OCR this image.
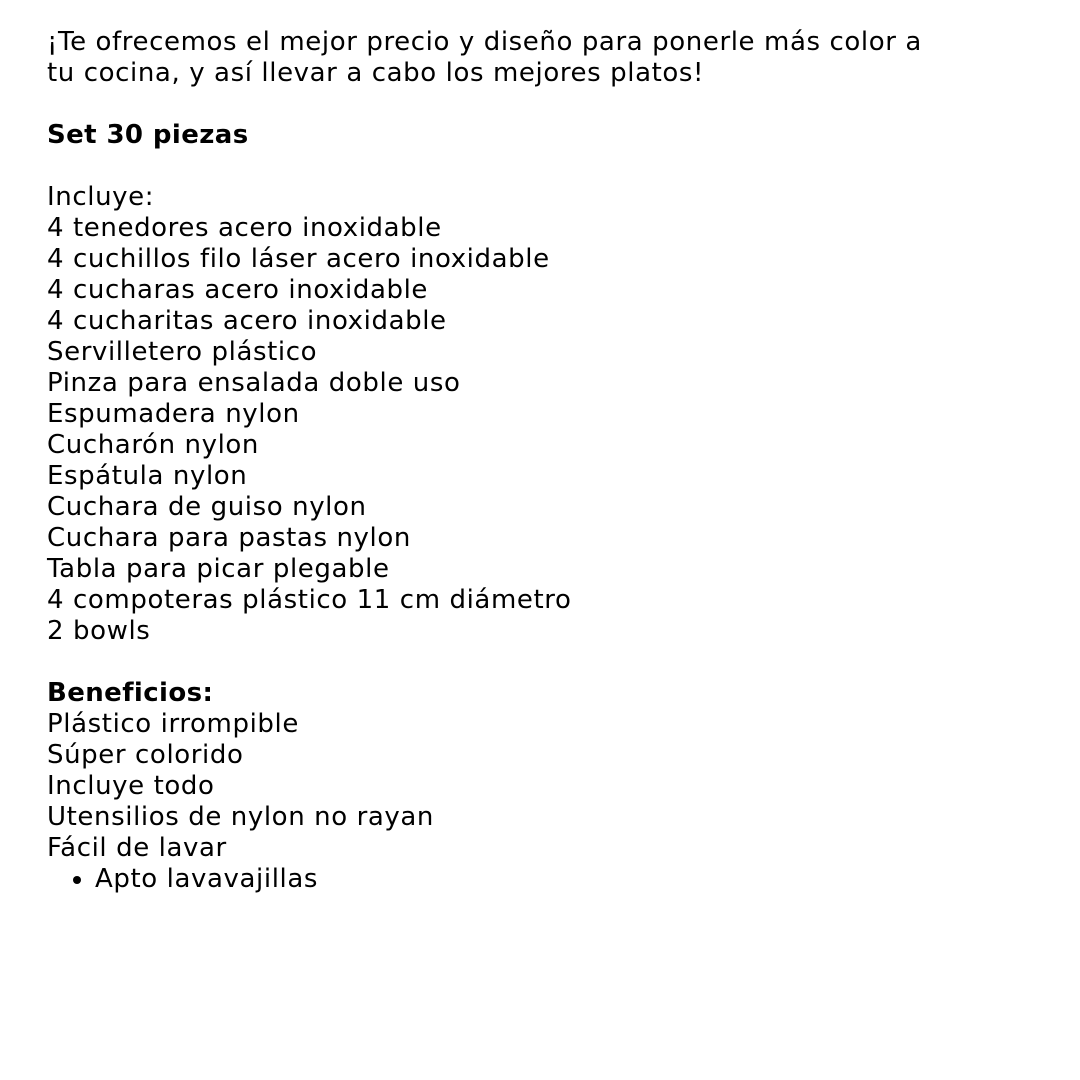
¡Te ofrecemos el mejor precio y diseño para ponerle más color a
tu cocina, y así llevar a cabo los mejores platos!
Set 30 piezas
Incluye:
4 tenedores acero inoxidable
4 cuchillos filo láser acero inoxidable
4 cucharas acero inoxidable
4 cucharitas acero inoxidable
Servilletero plástico
Pinza para ensalada doble uso
Espumadera nylon
Cucharón nylon
Espátula nylon
Cuchara de guiso nylon
Cuchara para pastas nylon
Tabla para picar plegable
4 compoteras plástico 11 cm diámetro
2 bowls
Beneficios:
Plástico irrompible
Súper colorido
Incluye todo
Utensilios de nylon no rayan
Fácil de lavar
Apto lavavajillas
